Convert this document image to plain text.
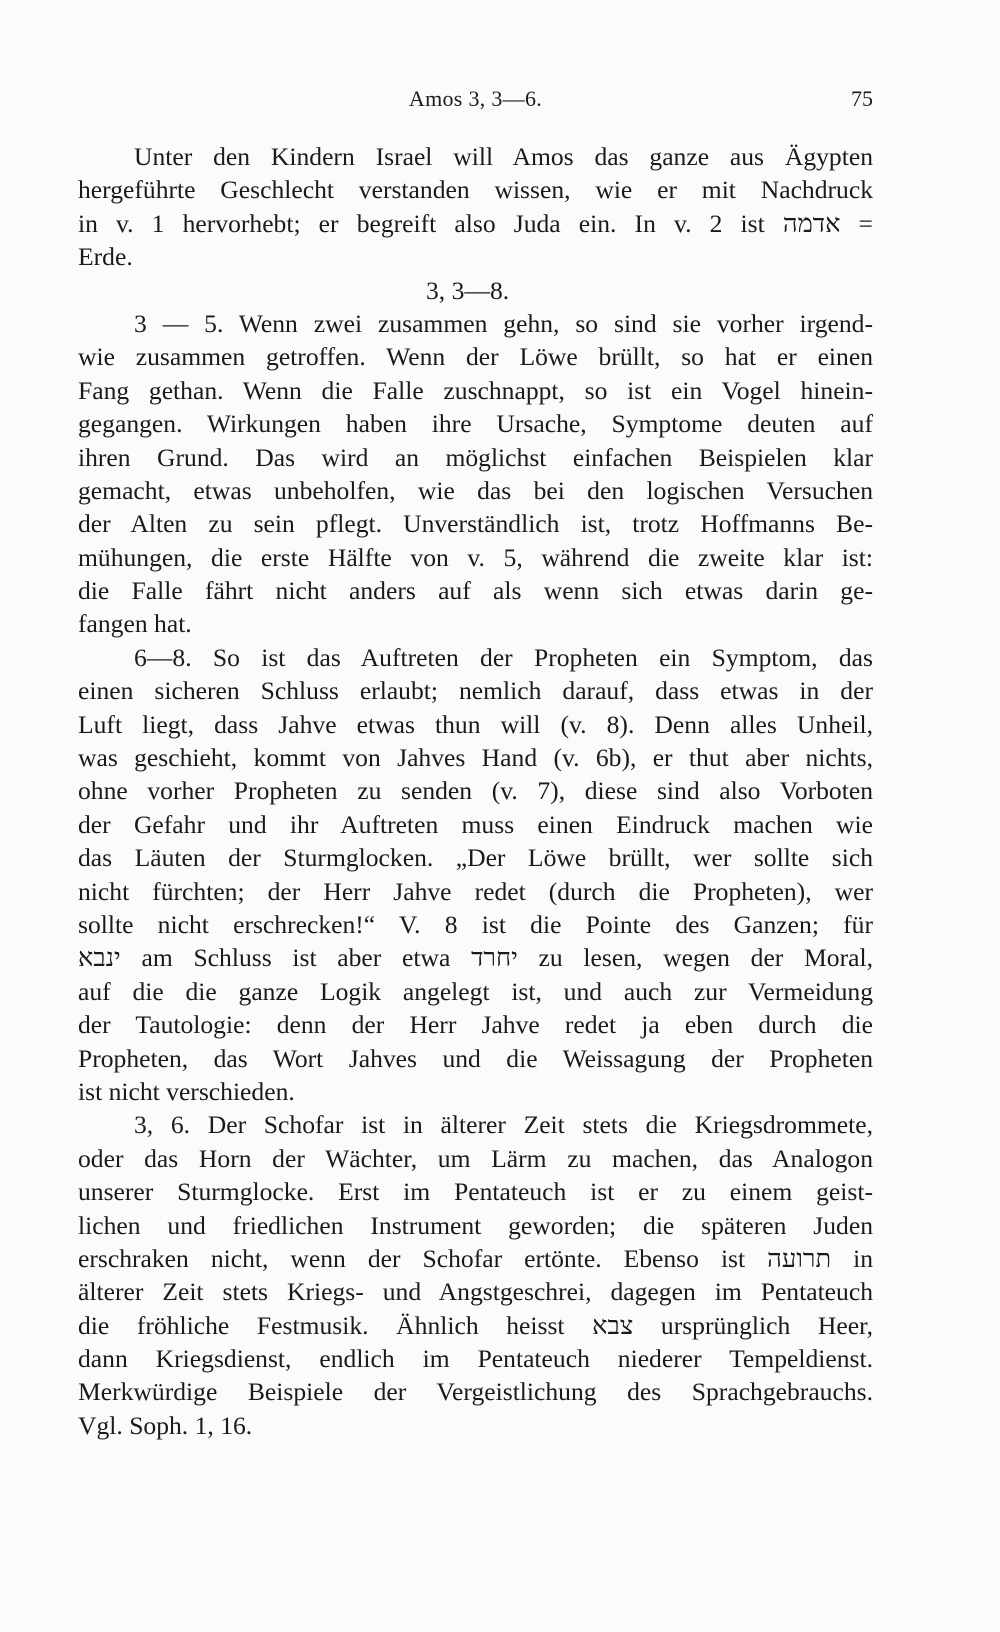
Amos 3, 3—6.	75
Unter den Kindern Israel will Amos das ganze aus Ägypten
hergeführte Geschlecht verstanden wissen, wie er mit Nachdruck
in v. 1 hervorhebt; er begreift also Juda ein. In v. 2 ist אדמה =
Erde.
3, 3—8.
3 — 5. Wenn zwei zusammen gehn, so sind sie vorher irgend-
wie zusammen getroffen. Wenn der Löwe brüllt, so hat er einen
Fang gethan. Wenn die Falle zuschnappt, so ist ein Vogel hinein-
gegangen. Wirkungen haben ihre Ursache, Symptome deuten auf
ihren Grund. Das wird an möglichst einfachen Beispielen klar
gemacht, etwas unbeholfen, wie das bei den logischen Versuchen
der Alten zu sein pflegt. Unverständlich ist, trotz Hoffmanns Be-
mühungen, die erste Hälfte von v. 5, während die zweite klar ist:
die Falle fährt nicht anders auf als wenn sich etwas darin ge-
fangen hat.
6—8. So ist das Auftreten der Propheten ein Symptom, das
einen sicheren Schluss erlaubt; nemlich darauf, dass etwas in der
Luft liegt, dass Jahve etwas thun will (v. 8). Denn alles Unheil,
was geschieht, kommt von Jahves Hand (v. 6b), er thut aber nichts,
ohne vorher Propheten zu senden (v. 7), diese sind also Vorboten
der Gefahr und ihr Auftreten muss einen Eindruck machen wie
das Läuten der Sturmglocken. „Der Löwe brüllt, wer sollte sich
nicht fürchten; der Herr Jahve redet (durch die Propheten), wer
sollte nicht erschrecken!“ V. 8 ist die Pointe des Ganzen; für
ינבא am Schluss ist aber etwa יחרד zu lesen, wegen der Moral,
auf die die ganze Logik angelegt ist, und auch zur Vermeidung
der Tautologie: denn der Herr Jahve redet ja eben durch die
Propheten, das Wort Jahves und die Weissagung der Propheten
ist nicht verschieden.
3, 6. Der Schofar ist in älterer Zeit stets die Kriegsdrommete,
oder das Horn der Wächter, um Lärm zu machen, das Analogon
unserer Sturmglocke. Erst im Pentateuch ist er zu einem geist-
lichen und friedlichen Instrument geworden; die späteren Juden
erschraken nicht, wenn der Schofar ertönte. Ebenso ist תרועה in
älterer Zeit stets Kriegs- und Angstgeschrei, dagegen im Pentateuch
die fröhliche Festmusik. Ähnlich heisst צבא ursprünglich Heer,
dann Kriegsdienst, endlich im Pentateuch niederer Tempeldienst.
Merkwürdige Beispiele der Vergeistlichung des Sprachgebrauchs.
Vgl. Soph. 1, 16.
